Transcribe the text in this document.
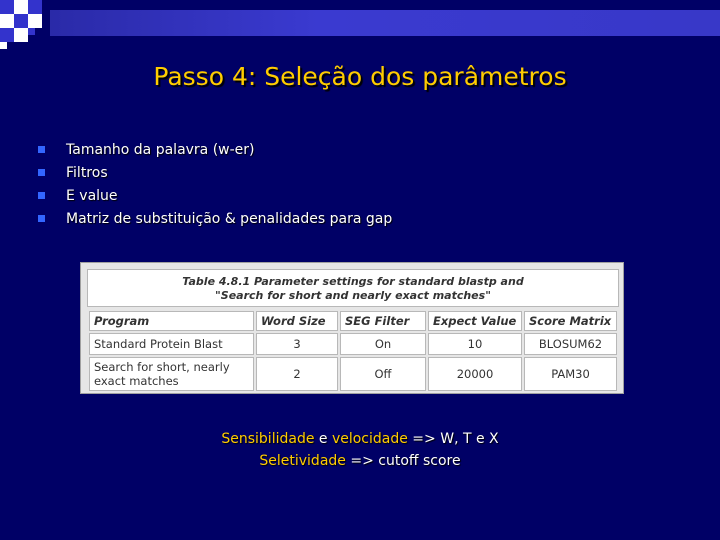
Passo 4: Seleção dos parâmetros
Tamanho da palavra (w-er)
Filtros
E value
Matriz de substituição & penalidades para gap
Table 4.8.1 Parameter settings for standard blastp and
"Search for short and nearly exact matches"
Program	Word Size	SEG Filter	Expect Value	Score Matrix
Standard Protein Blast	3	On	10	BLOSUM62
Search for short, nearly exact matches	2	Off	20000	PAM30
Sensibilidade e velocidade => W, T e X
Seletividade => cutoff score
